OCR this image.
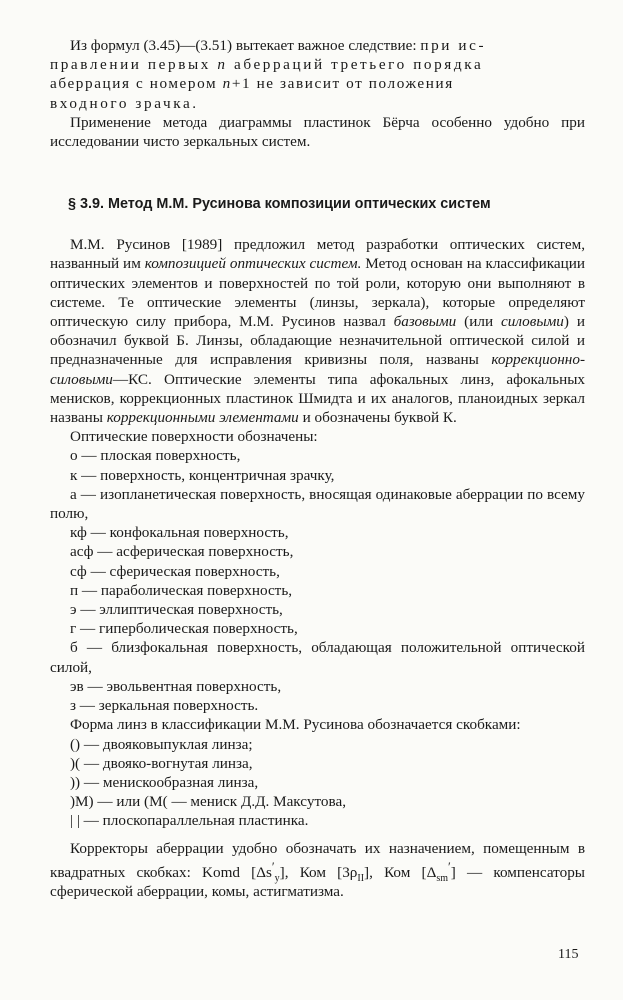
Из формул (3.45)—(3.51) вытекает важное следствие: при ис-

правлении первых n аберраций третьего порядка

аберрация с номером n+1 не зависит от положения

входного зрачка.

Применение метода диаграммы пластинок Бёрча особенно удобно при исследовании чисто зеркальных систем.

§ 3.9. Метод М.М. Русинова композиции оптических систем

М.М. Русинов [1989] предложил метод разработки оптических систем, названный им композицией оптических систем. Метод основан на классификации оптических элементов и поверхностей по той роли, которую они выполняют в системе. Те оптические элементы (линзы, зеркала), которые определяют оптическую силу прибора, М.М. Русинов назвал базовыми (или силовыми) и обозначил буквой Б. Линзы, обладающие незначительной оптической силой и предназначенные для исправления кривизны поля, названы коррекционно-силовыми—КС. Оптические элементы типа афокальных линз, афокальных менисков, коррекционных пластинок Шмидта и их аналогов, планоидных зеркал названы коррекционными элементами и обозначены буквой К.

Оптические поверхности обозначены:

о — плоская поверхность,

к — поверхность, концентричная зрачку,

а — изопланетическая поверхность, вносящая одинаковые аберрации по всему полю,

кф — конфокальная поверхность,

асф — асферическая поверхность,

сф — сферическая поверхность,

п — параболическая поверхность,

э — эллиптическая поверхность,

г — гиперболическая поверхность,

б — близфокальная поверхность, обладающая положительной оптической силой,

эв — эвольвентная поверхность,

з — зеркальная поверхность.

Форма линз в классификации М.М. Русинова обозначается скобками:

() — двояковыпуклая линза;

)( — двояко-вогнутая линза,

)) — менискообразная линза,

)М) — или (М( — мениск Д.Д. Максутова,

| | — плоскопараллельная пластинка.

Корректоры аберрации удобно обозначать их назначением, помещенным в квадратных скобках: Komd $[\Delta s'_y]$, Ком $[3\rho_{II}]$, Ком $[\Delta_{sm}']$ — компенсаторы сферической аберрации, комы, астигматизма.

115
